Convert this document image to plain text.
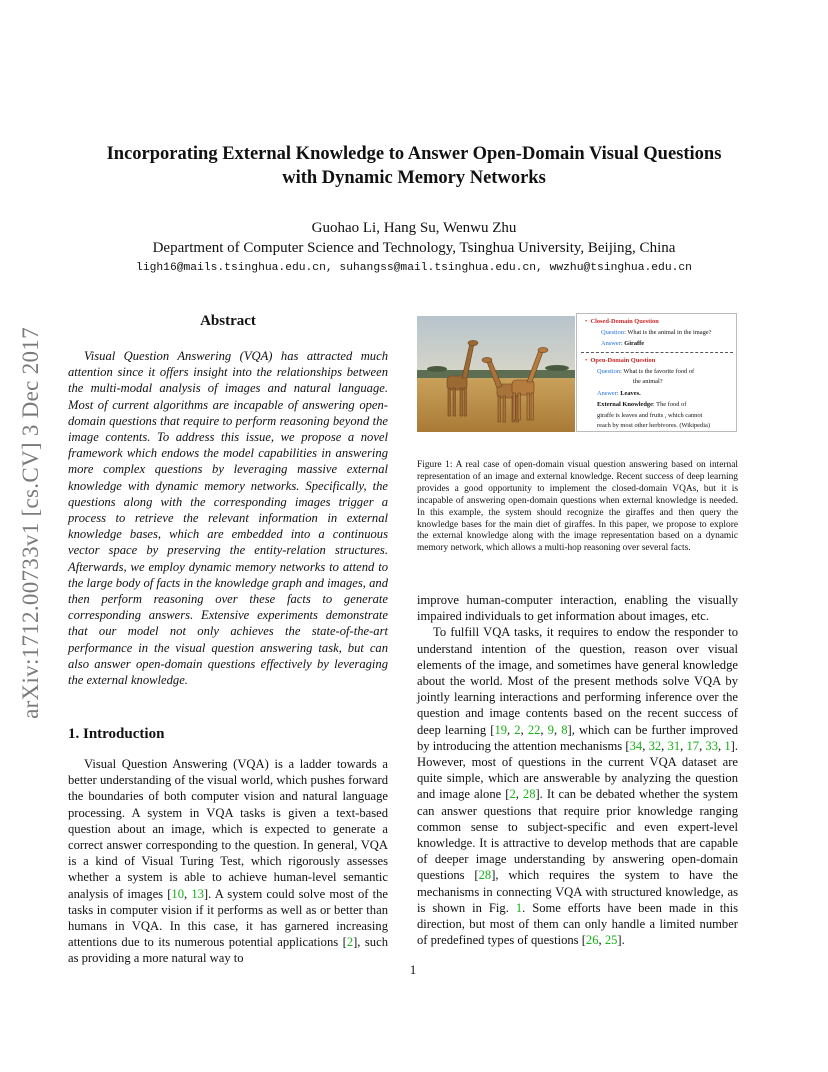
Incorporating External Knowledge to Answer Open-Domain Visual Questions
with Dynamic Memory Networks
Guohao Li, Hang Su, Wenwu Zhu
Department of Computer Science and Technology, Tsinghua University, Beijing, China
ligh16@mails.tsinghua.edu.cn, suhangss@mail.tsinghua.edu.cn, wwzhu@tsinghua.edu.cn
arXiv:1712.00733v1 [cs.CV] 3 Dec 2017
Abstract
Visual Question Answering (VQA) has attracted much attention since it offers insight into the relationships between the multi-modal analysis of images and natural language. Most of current algorithms are incapable of answering open-domain questions that require to perform reasoning beyond the image contents. To address this issue, we propose a novel framework which endows the model capabilities in answering more complex questions by leveraging massive external knowledge with dynamic memory networks. Specifically, the questions along with the corresponding images trigger a process to retrieve the relevant information in external knowledge bases, which are embedded into a continuous vector space by preserving the entity-relation structures. Afterwards, we employ dynamic memory networks to attend to the large body of facts in the knowledge graph and images, and then perform reasoning over these facts to generate corresponding answers. Extensive experiments demonstrate that our model not only achieves the state-of-the-art performance in the visual question answering task, but can also answer open-domain questions effectively by leveraging the external knowledge.
1. Introduction
Visual Question Answering (VQA) is a ladder towards a better understanding of the visual world, which pushes forward the boundaries of both computer vision and natural language processing. A system in VQA tasks is given a text-based question about an image, which is expected to generate a correct answer corresponding to the question. In general, VQA is a kind of Visual Turing Test, which rigorously assesses whether a system is able to achieve human-level semantic analysis of images [10, 13]. A system could solve most of the tasks in computer vision if it performs as well as or better than humans in VQA. In this case, it has garnered increasing attentions due to its numerous potential applications [2], such as providing a more natural way to
• Closed-Domain Question
Question: What is the animal in the image?
Answer: Giraffe
• Open-Domain Question
Question: What is the favorite food of
the animal?
Answer: Leaves.
External Knowledge: The food of
giraffe is leaves and fruits , which cannot
reach by most other herbivores. (Wikipedia)
Figure 1: A real case of open-domain visual question answering based on internal representation of an image and external knowledge. Recent success of deep learning provides a good opportunity to implement the closed-domain VQAs, but it is incapable of answering open-domain questions when external knowledge is needed. In this example, the system should recognize the giraffes and then query the knowledge bases for the main diet of giraffes. In this paper, we propose to explore the external knowledge along with the image representation based on a dynamic memory network, which allows a multi-hop reasoning over several facts.

improve human-computer interaction, enabling the visually impaired individuals to get information about images, etc.

To fulfill VQA tasks, it requires to endow the responder to understand intention of the question, reason over visual elements of the image, and sometimes have general knowledge about the world. Most of the present methods solve VQA by jointly learning interactions and performing inference over the question and image contents based on the recent success of deep learning [19, 2, 22, 9, 8], which can be further improved by introducing the attention mechanisms [34, 32, 31, 17, 33, 1]. However, most of questions in the current VQA dataset are quite simple, which are answerable by analyzing the question and image alone [2, 28]. It can be debated whether the system can answer questions that require prior knowledge ranging common sense to subject-specific and even expert-level knowledge. It is attractive to develop methods that are capable of deeper image understanding by answering open-domain questions [28], which requires the system to have the mechanisms in connecting VQA with structured knowledge, as is shown in Fig. 1. Some efforts have been made in this direction, but most of them can only handle a limited number of predefined types of questions [26, 25].

1
